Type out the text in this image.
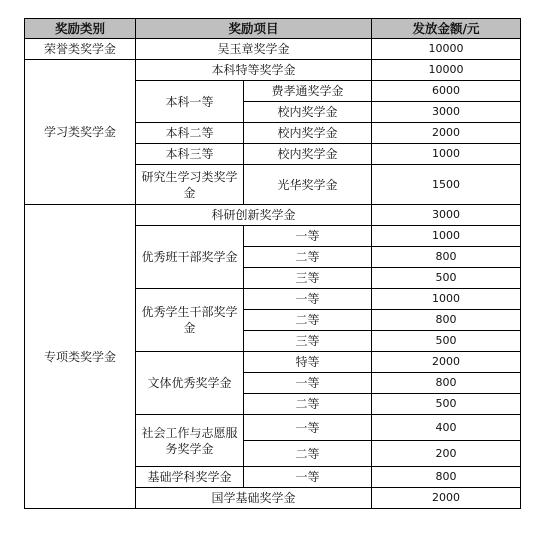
奖励类别	奖励项目		发放金额/元
荣誉类奖学金	吴玉章奖学金		10000
学习类奖学金	本科特等奖学金		10000
	本科一等	费孝通奖学金	6000
		校内奖学金	3000
	本科二等	校内奖学金	2000
	本科三等	校内奖学金	1000
	研究生学习类奖学金	光华奖学金	1500

专项类奖学金	科研创新奖学金		3000
	优秀班干部奖学金	一等	1000
		二等	800
		三等	500
	优秀学生干部奖学金	一等	1000
		二等	800
		三等	500
	文体优秀奖学金	特等	2000
		一等	800
		二等	500
	社会工作与志愿服务奖学金	一等	400
		二等	200
	基础学科奖学金	一等	800
	国学基础奖学金		2000
